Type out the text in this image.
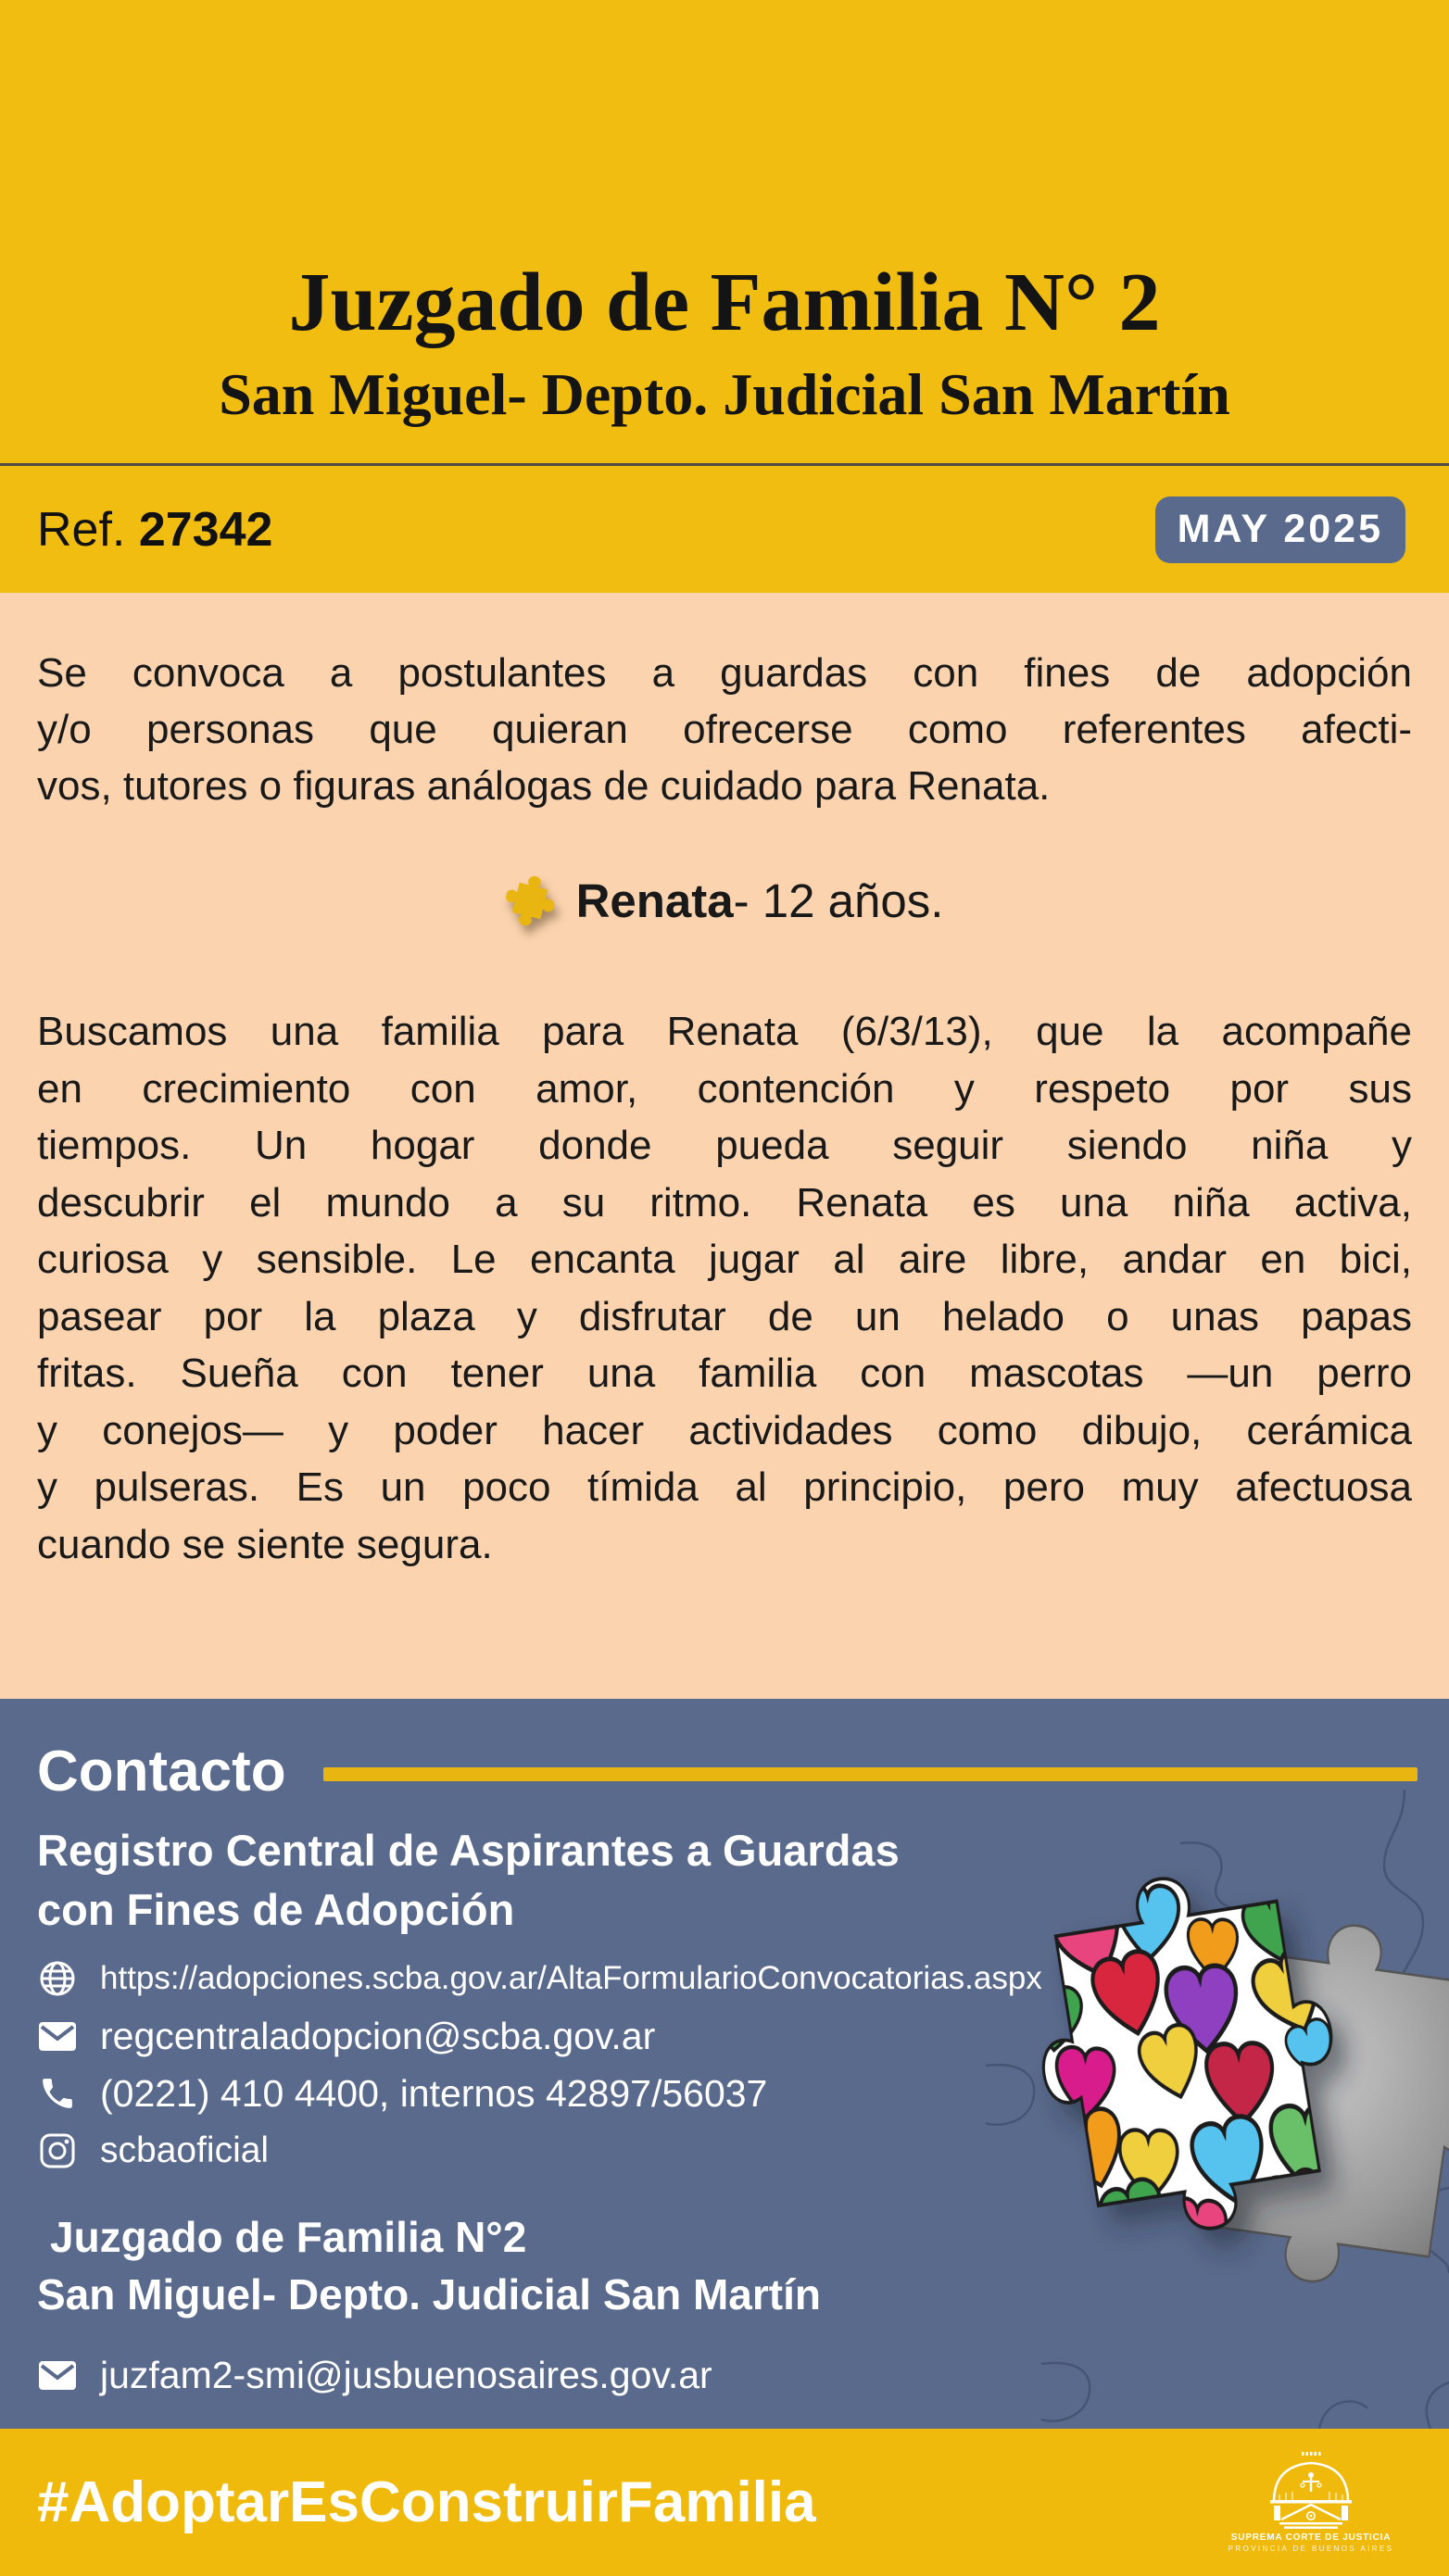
Juzgado de Familia N° 2
San Miguel- Depto. Judicial San Martín
Ref. 27342	MAY 2025
Se convoca a postulantes a guardas con fines de adopción
y/o personas que quieran ofrecerse como referentes afecti-
vos, tutores o figuras análogas de cuidado para Renata.
Renata- 12 años.
Buscamos una familia para Renata (6/3/13), que la acompañe
en crecimiento con amor, contención y respeto por sus
tiempos. Un hogar donde pueda seguir siendo niña y
descubrir el mundo a su ritmo. Renata es una niña activa,
curiosa y sensible. Le encanta jugar al aire libre, andar en bici,
pasear por la plaza y disfrutar de un helado o unas papas
fritas. Sueña con tener una familia con mascotas —un perro
y conejos— y poder hacer actividades como dibujo, cerámica
y pulseras. Es un poco tímida al principio, pero muy afectuosa
cuando se siente segura.
Contacto
Registro Central de Aspirantes a Guardas
con Fines de Adopción
https://adopciones.scba.gov.ar/AltaFormularioConvocatorias.aspx
regcentraladopcion@scba.gov.ar
(0221) 410 4400, internos 42897/56037
scbaoficial
Juzgado de Familia N°2
San Miguel- Depto. Judicial San Martín
juzfam2-smi@jusbuenosaires.gov.ar
#AdoptarEsConstruirFamilia
SUPREMA CORTE DE JUSTICIA
PROVINCIA DE BUENOS AIRES
